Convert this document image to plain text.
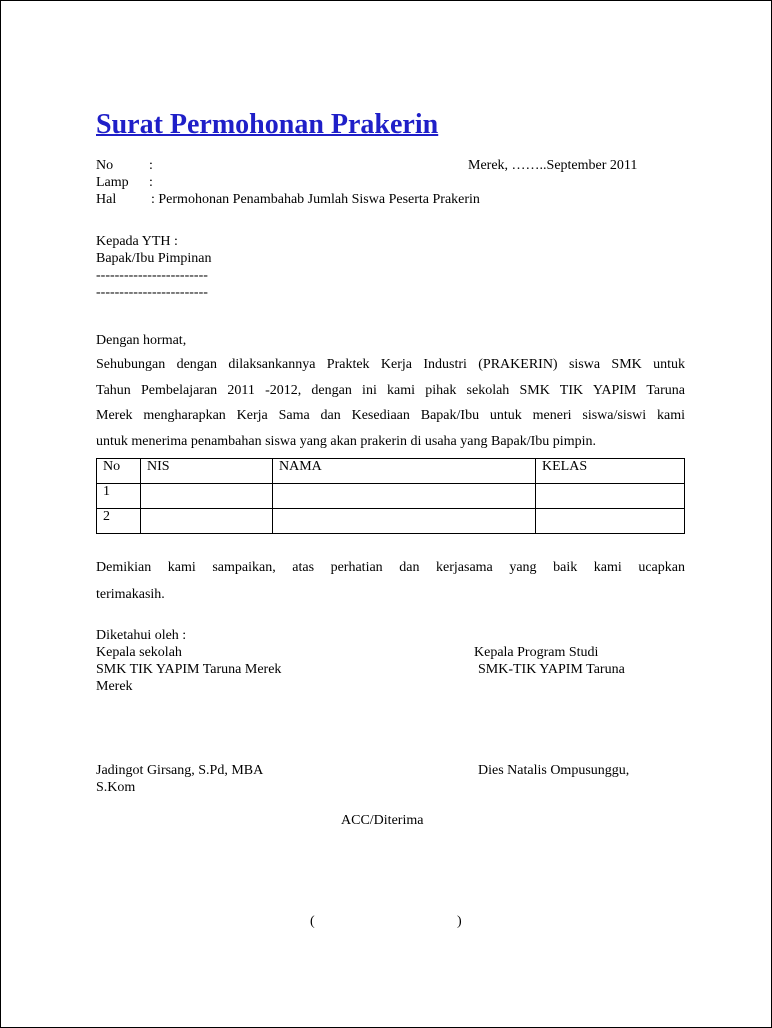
Surat Permohonan Prakerin
No	:	Merek, ……..September 2011
Lamp :
Hal : Permohonan Penambahab Jumlah Siswa Peserta Prakerin
Kepada YTH :
Bapak/Ibu Pimpinan
------------------------
------------------------
Dengan hormat,
Sehubungan dengan dilaksankannya Praktek Kerja Industri (PRAKERIN) siswa SMK untuk
Tahun Pembelajaran 2011 -2012, dengan ini kami pihak sekolah SMK TIK YAPIM Taruna
Merek mengharapkan Kerja Sama dan Kesediaan Bapak/Ibu untuk meneri siswa/siswi kami
untuk menerima penambahan siswa yang akan prakerin di usaha yang Bapak/Ibu pimpin.
No	NIS	NAMA	KELAS
1			
2			
Demikian kami sampaikan, atas perhatian dan kerjasama yang baik kami ucapkan
terimakasih.
Diketahui oleh :
Kepala sekolah	Kepala Program Studi
SMK TIK YAPIM Taruna Merek	SMK-TIK YAPIM Taruna
Merek
Jadingot Girsang, S.Pd, MBA	Dies Natalis Ompusunggu,
S.Kom
ACC/Diterima
(	)
